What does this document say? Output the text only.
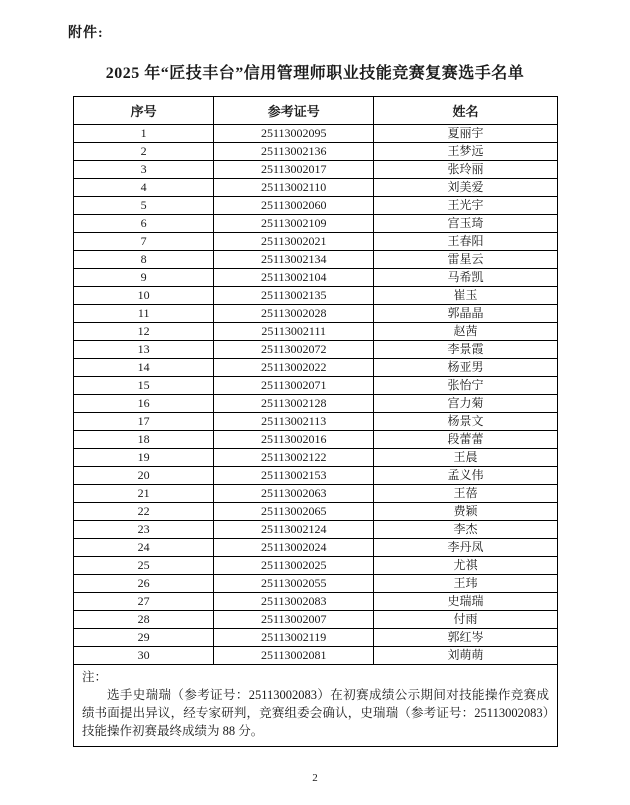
附件:
2025 年“匠技丰台”信用管理师职业技能竞赛复赛选手名单
序号	参考证号	姓名
1	25113002095	夏丽宇
2	25113002136	王梦远
3	25113002017	张玲丽
4	25113002110	刘美爱
5	25113002060	王光宇
6	25113002109	宫玉琦
7	25113002021	王春阳
8	25113002134	雷星云
9	25113002104	马希凯
10	25113002135	崔玉
11	25113002028	郭晶晶
12	25113002111	赵茜
13	25113002072	李景霞
14	25113002022	杨亚男
15	25113002071	张怡宁
16	25113002128	宫力菊
17	25113002113	杨景文
18	25113002016	段蕾蕾
19	25113002122	王晨
20	25113002153	孟义伟
21	25113002063	王蓓
22	25113002065	费颖
23	25113002124	李杰
24	25113002024	李丹凤
25	25113002025	尤祺
26	25113002055	王玮
27	25113002083	史瑞瑞
28	25113002007	付雨
29	25113002119	郭红岑
30	25113002081	刘萌萌

注：
选手史瑞瑞（参考证号：25113002083）在初赛成绩公示期间对技能操作竞赛成绩书面提出异议，经专家研判，竞赛组委会确认，史瑞瑞（参考证号：25113002083）技能操作初赛最终成绩为 88 分。		
2
